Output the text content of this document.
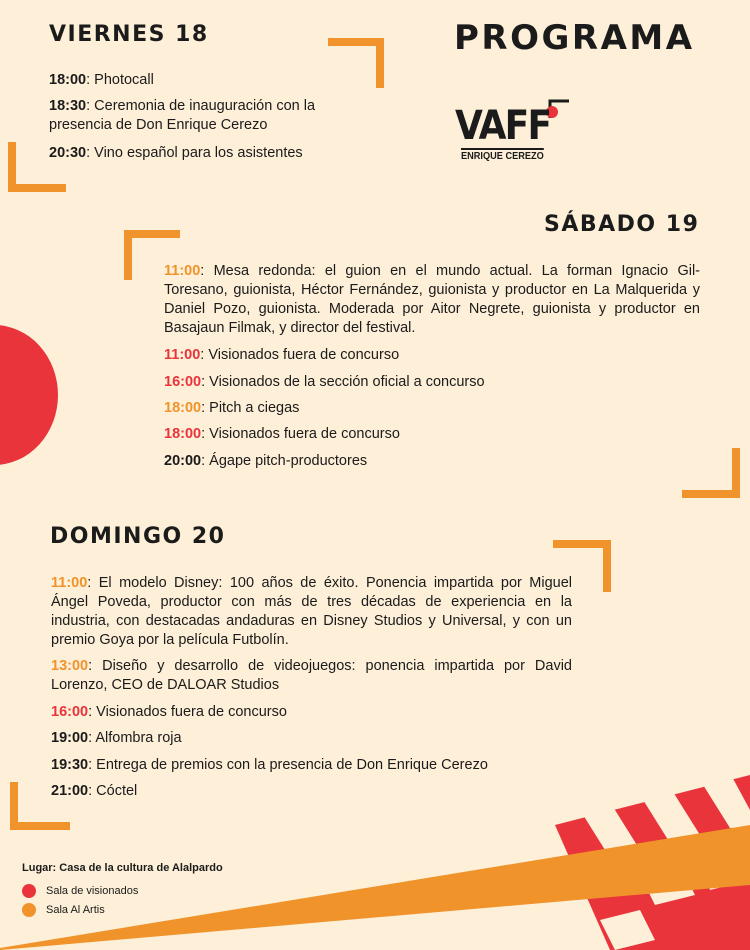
PROGRAMA
VAFF
ENRIQUE CEREZO
VIERNES 18

18:00: Photocall

18:30: Ceremonia de inauguración con la presencia de Don Enrique Cerezo

20:30: Vino español para los asistentes

SÁBADO 19

11:00: Mesa redonda: el guion en el mundo actual. La forman Ignacio Gil-Toresano, guionista, Héctor Fernández, guionista y productor en La Malquerida y Daniel Pozo, guionista. Moderada por Aitor Negrete, guionista y productor en Basajaun Filmak, y director del festival.

11:00: Visionados fuera de concurso

16:00: Visionados de la sección oficial a concurso

18:00: Pitch a ciegas

18:00: Visionados fuera de concurso

20:00: Ágape pitch-productores

DOMINGO 20

11:00: El modelo Disney: 100 años de éxito. Ponencia impartida por Miguel Ángel Poveda, productor con más de tres décadas de experiencia en la industria, con destacadas andaduras en Disney Studios y Universal, y con un premio Goya por la película Futbolín.

13:00: Diseño y desarrollo de videojuegos: ponencia impartida por David Lorenzo, CEO de DALOAR Studios

16:00: Visionados fuera de concurso

19:00: Alfombra roja

19:30: Entrega de premios con la presencia de Don Enrique Cerezo

21:00: Cóctel

Lugar: Casa de la cultura de Alalpardo
Sala de visionados
Sala Al Artis
